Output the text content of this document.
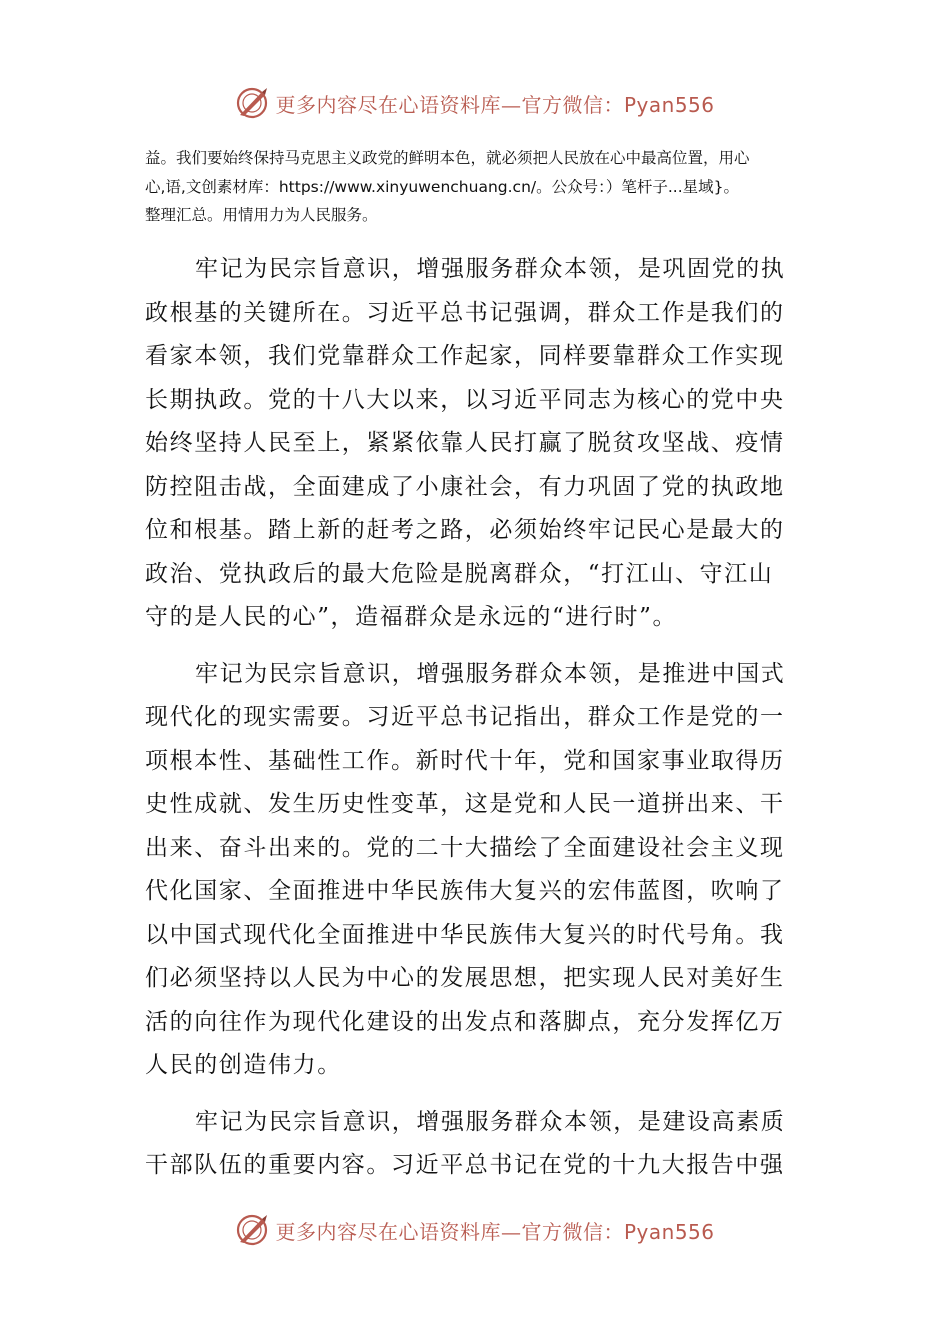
更多内容尽在心语资料库—官方微信：Pyan556

益。我们要始终保持马克思主义政党的鲜明本色，就必须把人民放在心中最高位置，用心

心,语,文创素材库：https://www.xinyuwenchuang.cn/。公众号：）笔杆子...星域}。

整理汇总。用情用力为人民服务。

牢记为民宗旨意识，增强服务群众本领，是巩固党的执
政根基的关键所在。习近平总书记强调，群众工作是我们的
看家本领，我们党靠群众工作起家，同样要靠群众工作实现
长期执政。党的十八大以来，以习近平同志为核心的党中央
始终坚持人民至上，紧紧依靠人民打赢了脱贫攻坚战、疫情
防控阻击战，全面建成了小康社会，有力巩固了党的执政地
位和根基。踏上新的赶考之路，必须始终牢记民心是最大的
政治、党执政后的最大危险是脱离群众，“打江山、守江山
守的是人民的心”，造福群众是永远的“进行时”。
牢记为民宗旨意识，增强服务群众本领，是推进中国式
现代化的现实需要。习近平总书记指出，群众工作是党的一
项根本性、基础性工作。新时代十年，党和国家事业取得历
史性成就、发生历史性变革，这是党和人民一道拼出来、干
出来、奋斗出来的。党的二十大描绘了全面建设社会主义现
代化国家、全面推进中华民族伟大复兴的宏伟蓝图，吹响了
以中国式现代化全面推进中华民族伟大复兴的时代号角。我
们必须坚持以人民为中心的发展思想，把实现人民对美好生
活的向往作为现代化建设的出发点和落脚点，充分发挥亿万
人民的创造伟力。
牢记为民宗旨意识，增强服务群众本领，是建设高素质
干部队伍的重要内容。习近平总书记在党的十九大报告中强
更多内容尽在心语资料库—官方微信：Pyan556
